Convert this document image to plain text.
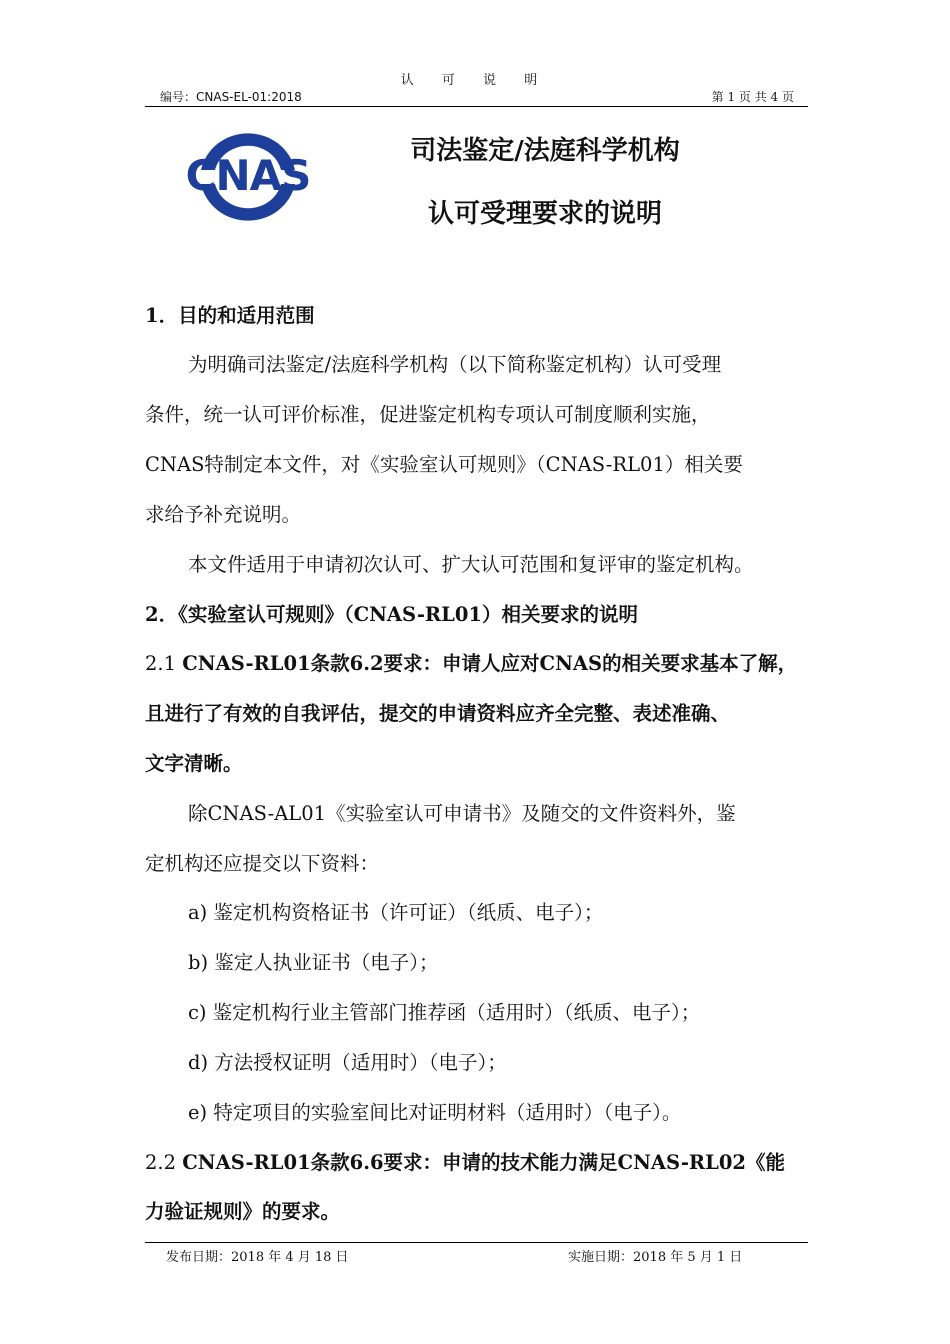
认 可 说 明
编号：CNAS-EL-01:2018	第 1 页 共 4 页
CNAS	司法鉴定/法庭科学机构
认可受理要求的说明
1．目的和适用范围
为明确司法鉴定/法庭科学机构（以下简称鉴定机构）认可受理
条件，统一认可评价标准，促进鉴定机构专项认可制度顺利实施，
CNAS特制定本文件，对《实验室认可规则》（CNAS-RL01）相关要
求给予补充说明。
本文件适用于申请初次认可、扩大认可范围和复评审的鉴定机构。
2．《实验室认可规则》（CNAS-RL01）相关要求的说明
2.1 CNAS-RL01条款6.2要求：申请人应对CNAS的相关要求基本了解，
且进行了有效的自我评估，提交的申请资料应齐全完整、表述准确、
文字清晰。
除CNAS-AL01《实验室认可申请书》及随交的文件资料外，鉴
定机构还应提交以下资料：
a) 鉴定机构资格证书（许可证）（纸质、电子）；
b) 鉴定人执业证书（电子）；
c) 鉴定机构行业主管部门推荐函（适用时）（纸质、电子）；
d) 方法授权证明（适用时）（电子）；
e) 特定项目的实验室间比对证明材料（适用时）（电子）。
2.2 CNAS-RL01条款6.6要求：申请的技术能力满足CNAS-RL02《能
力验证规则》的要求。
发布日期：2018 年 4 月 18 日	实施日期：2018 年 5 月 1 日
